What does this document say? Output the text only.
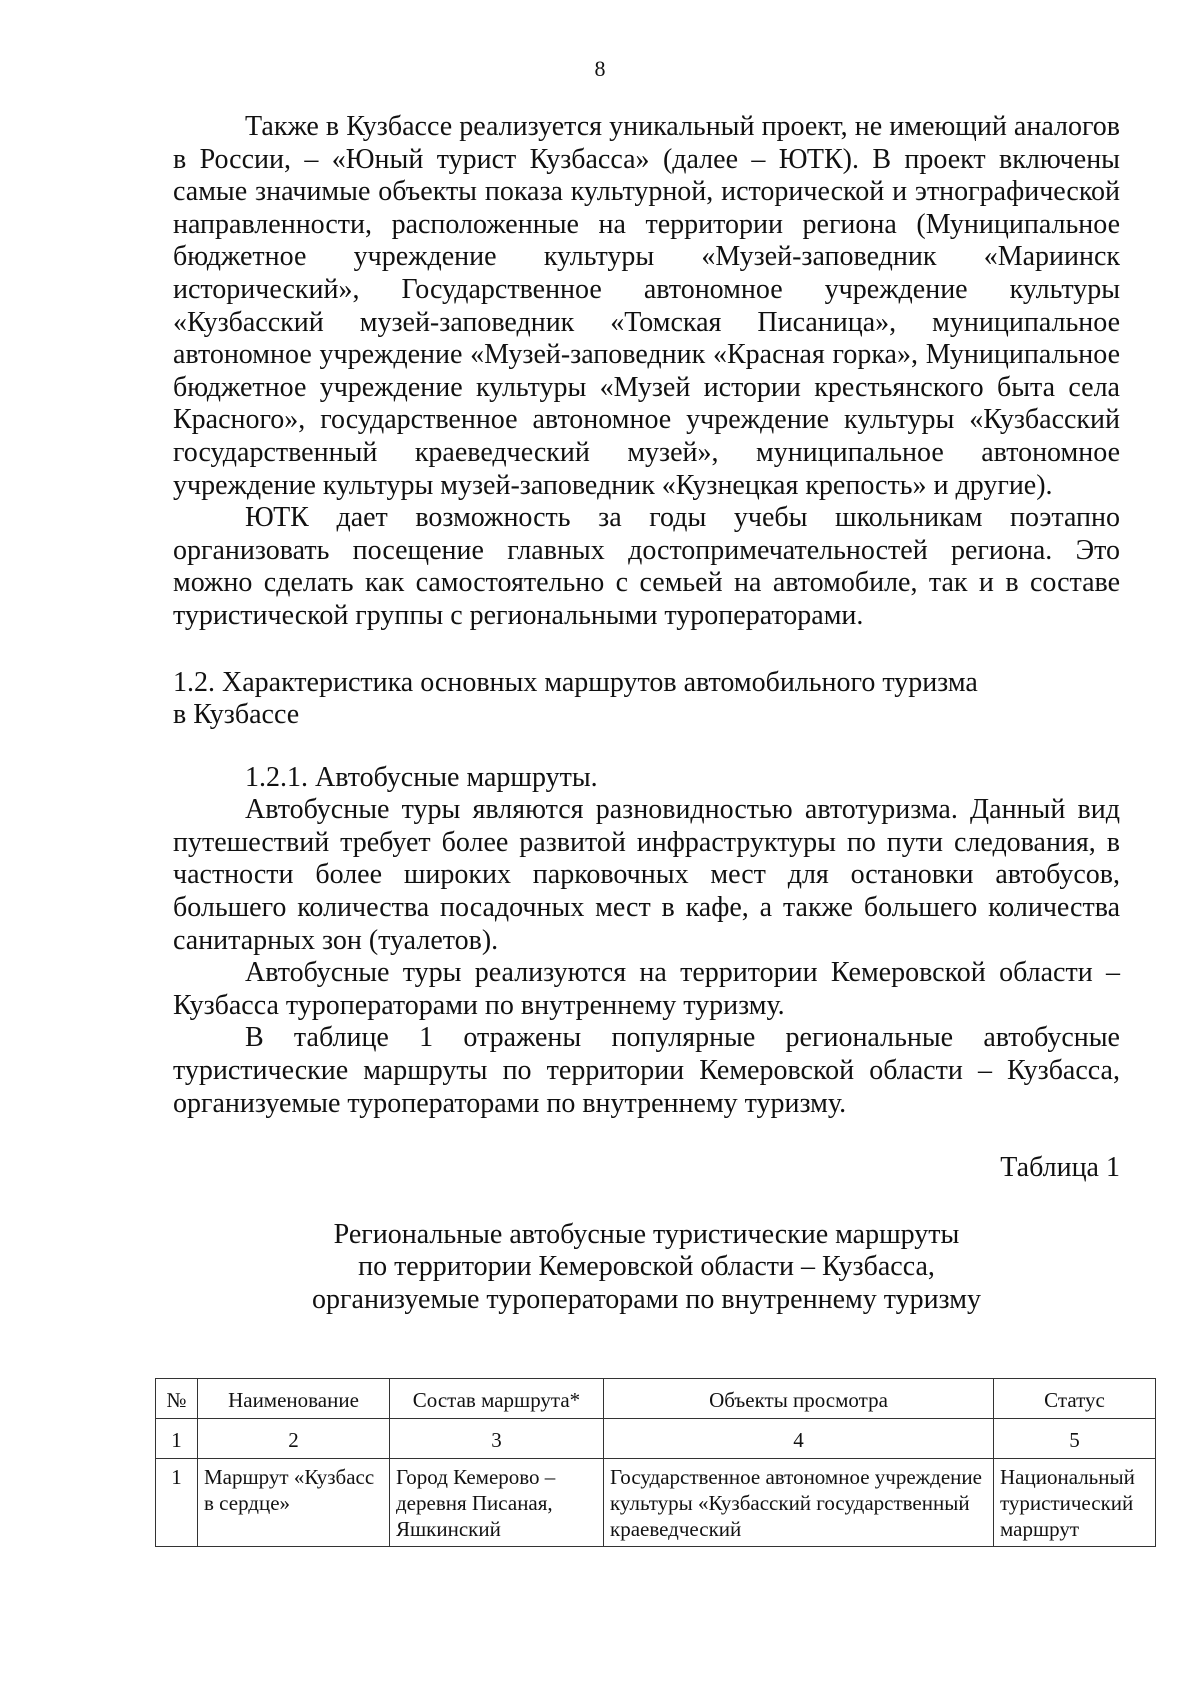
8

Также в Кузбассе реализуется уникальный проект, не имеющий аналогов в России, – «Юный турист Кузбасса» (далее – ЮТК). В проект включены самые значимые объекты показа культурной, исторической и этнографической направленности, расположенные на территории региона (Муниципальное бюджетное учреждение культуры «Музей-заповедник «Мариинск исторический», Государственное автономное учреждение культуры «Кузбасский музей-заповедник «Томская Писаница», муниципальное автономное учреждение «Музей-заповедник «Красная горка», Муниципальное бюджетное учреждение культуры «Музей истории крестьянского быта села Красного», государственное автономное учреждение культуры «Кузбасский государственный краеведческий музей», муниципальное автономное учреждение культуры музей-заповедник «Кузнецкая крепость» и другие).

ЮТК дает возможность за годы учебы школьникам поэтапно организовать посещение главных достопримечательностей региона. Это можно сделать как самостоятельно с семьей на автомобиле, так и в составе туристической группы с региональными туроператорами.

1.2. Характеристика основных маршрутов автомобильного туризма
в Кузбассе

1.2.1. Автобусные маршруты.

Автобусные туры являются разновидностью автотуризма. Данный вид путешествий требует более развитой инфраструктуры по пути следования, в частности более широких парковочных мест для остановки автобусов, большего количества посадочных мест в кафе, а также большего количества санитарных зон (туалетов).

Автобусные туры реализуются на территории Кемеровской области – Кузбасса туроператорами по внутреннему туризму.

В таблице 1 отражены популярные региональные автобусные туристические маршруты по территории Кемеровской области – Кузбасса, организуемые туроператорами по внутреннему туризму.

Таблица 1

Региональные автобусные туристические маршруты
по территории Кемеровской области – Кузбасса,
организуемые туроператорами по внутреннему туризму

№	Наименование	Состав маршрута*	Объекты просмотра	Статус
1	2	3	4	5
1	Маршрут «Кузбасс в сердце»	Город Кемерово – деревня Писаная, Яшкинский	Государственное автономное учреждение культуры «Кузбасский государственный краеведческий	Национальный туристический маршрут
